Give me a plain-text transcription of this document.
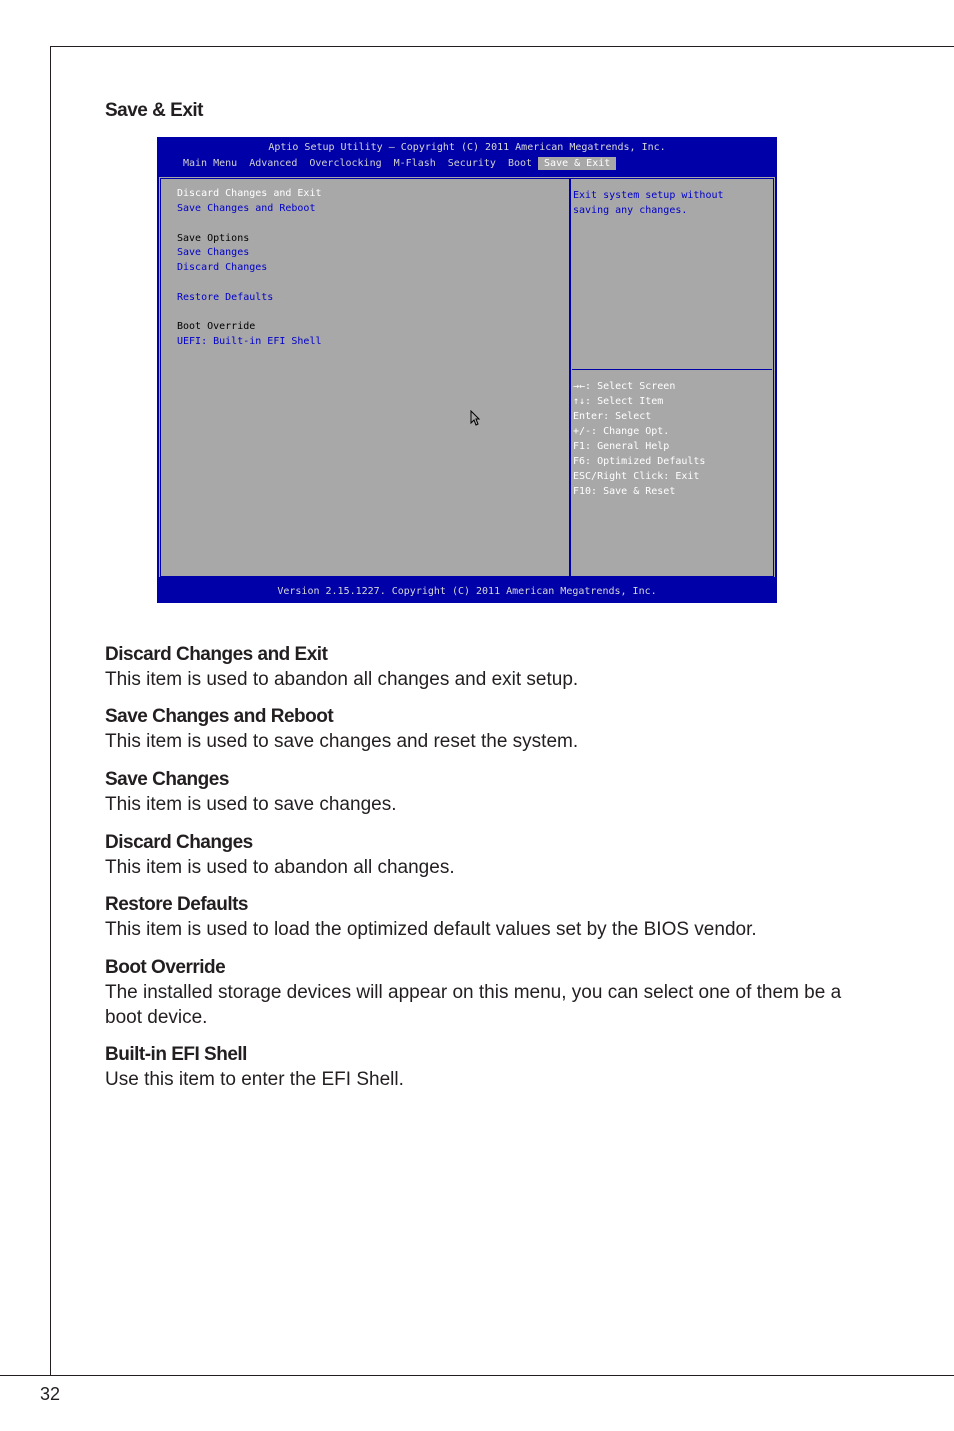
Save & Exit
Aptio Setup Utility – Copyright (C) 2011 American Megatrends, Inc.
Main Menu	Advanced	Overclocking	M-Flash	Security	Boot	Save & Exit
Discard Changes and Exit
Save Changes and Reboot
Save Options
Save Changes
Discard Changes
Restore Defaults
Boot Override
UEFI: Built-in EFI Shell
Exit system setup without
saving any changes.
→←: Select Screen
↑↓: Select Item
Enter: Select
+/-: Change Opt.
F1: General Help
F6: Optimized Defaults
ESC/Right Click: Exit
F10: Save & Reset
Version 2.15.1227. Copyright (C) 2011 American Megatrends, Inc.
Discard Changes and Exit
This item is used to abandon all changes and exit setup.
Save Changes and Reboot
This item is used to save changes and reset the system.
Save Changes
This item is used to save changes.
Discard Changes
This item is used to abandon all changes.
Restore Defaults
This item is used to load the optimized default values set by the BIOS vendor.
Boot Override
The installed storage devices will appear on this menu, you can select one of them be a boot device.
Built-in EFI Shell
Use this item to enter the EFI Shell.
32
